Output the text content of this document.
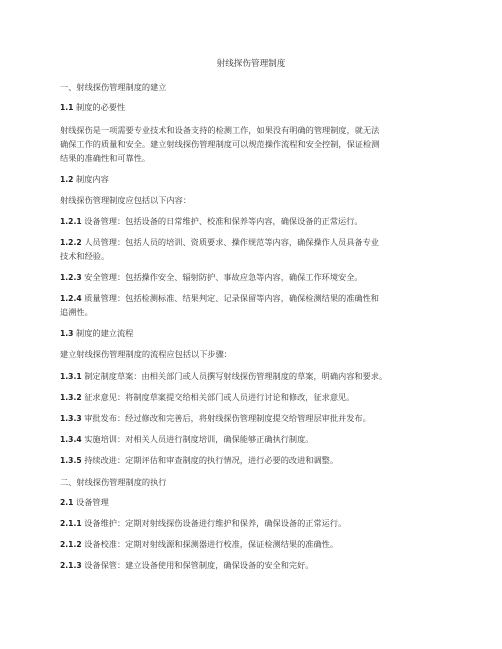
射线探伤管理制度
一、射线探伤管理制度的建立
1.1 制度的必要性
射线探伤是一项需要专业技术和设备支持的检测工作，如果没有明确的管理制度，就无法
确保工作的质量和安全。建立射线探伤管理制度可以规范操作流程和安全控制，保证检测
结果的准确性和可靠性。
1.2 制度内容
射线探伤管理制度应包括以下内容：
1.2.1 设备管理：包括设备的日常维护、校准和保养等内容，确保设备的正常运行。
1.2.2 人员管理：包括人员的培训、资质要求、操作规范等内容，确保操作人员具备专业
技术和经验。
1.2.3 安全管理：包括操作安全、辐射防护、事故应急等内容，确保工作环境安全。
1.2.4 质量管理：包括检测标准、结果判定、记录保留等内容，确保检测结果的准确性和
追溯性。
1.3 制度的建立流程
建立射线探伤管理制度的流程应包括以下步骤：
1.3.1 制定制度草案：由相关部门或人员撰写射线探伤管理制度的草案，明确内容和要求。
1.3.2 征求意见：将制度草案提交给相关部门或人员进行讨论和修改，征求意见。
1.3.3 审批发布：经过修改和完善后，将射线探伤管理制度提交给管理层审批并发布。
1.3.4 实施培训：对相关人员进行制度培训，确保能够正确执行制度。
1.3.5 持续改进：定期评估和审查制度的执行情况，进行必要的改进和调整。
二、射线探伤管理制度的执行
2.1 设备管理
2.1.1 设备维护：定期对射线探伤设备进行维护和保养，确保设备的正常运行。
2.1.2 设备校准：定期对射线源和探测器进行校准，保证检测结果的准确性。
2.1.3 设备保管：建立设备使用和保管制度，确保设备的安全和完好。
